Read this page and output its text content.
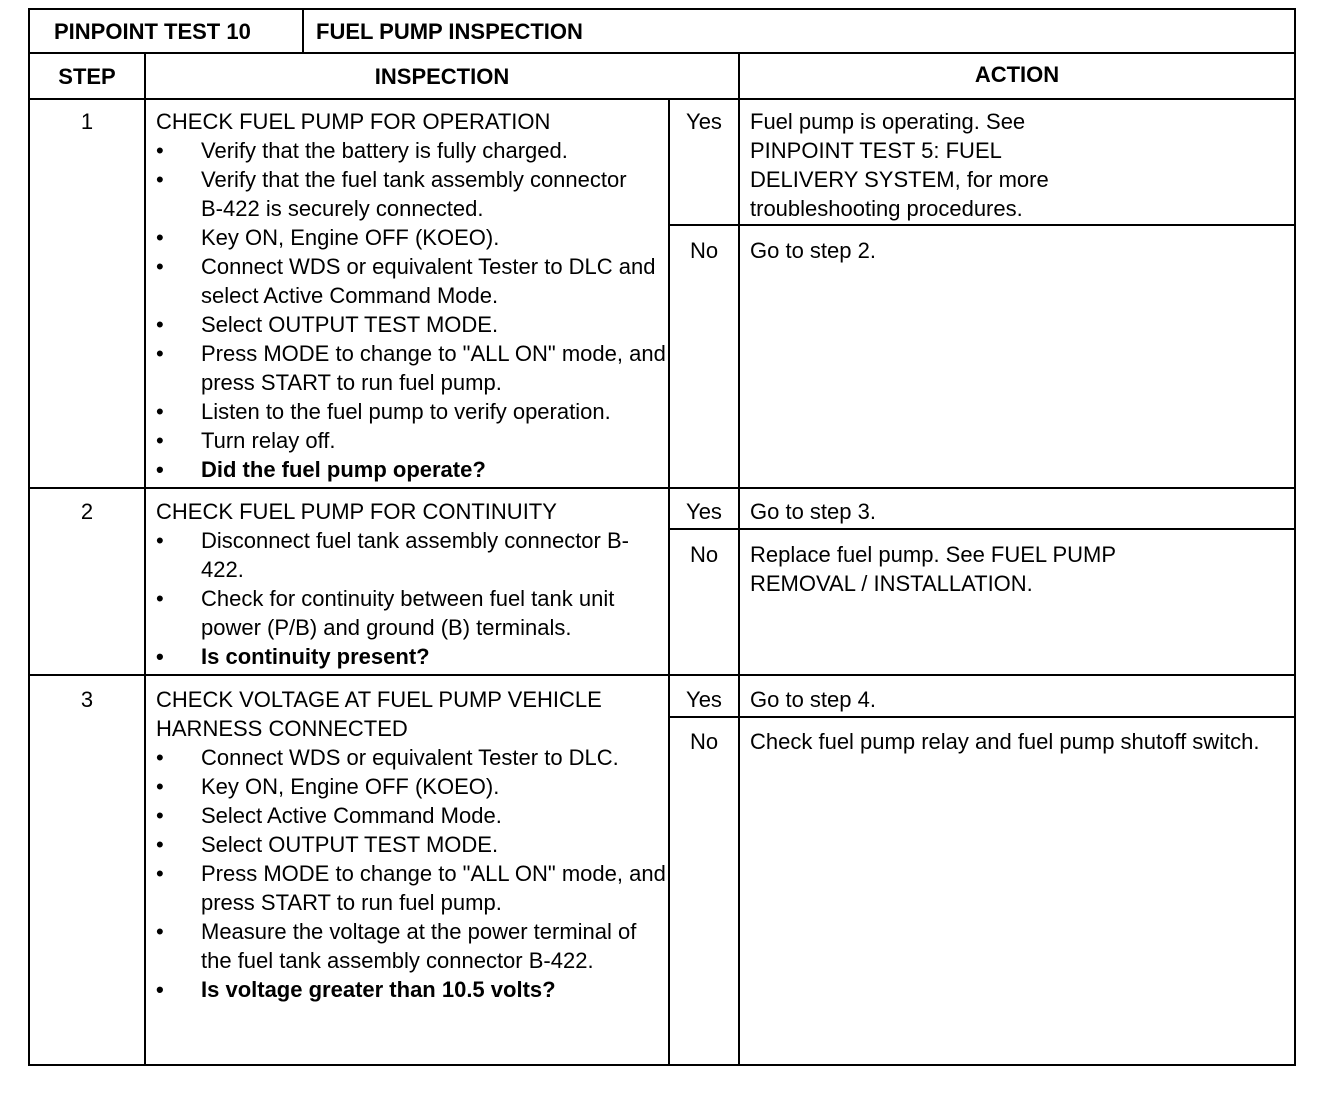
PINPOINT TEST 10	FUEL PUMP INSPECTION
STEP	INSPECTION	ACTION
1	CHECK FUEL PUMP FOR OPERATION
• Verify that the battery is fully charged.
• Verify that the fuel tank assembly connector B-422 is securely connected.
• Key ON, Engine OFF (KOEO).
• Connect WDS or equivalent Tester to DLC and select Active Command Mode.
• Select OUTPUT TEST MODE.
• Press MODE to change to "ALL ON" mode, and press START to run fuel pump.
• Listen to the fuel pump to verify operation.
• Turn relay off.
• Did the fuel pump operate?
Yes	Fuel pump is operating. See PINPOINT TEST 5: FUEL DELIVERY SYSTEM, for more troubleshooting procedures.
No	Go to step 2.
2	CHECK FUEL PUMP FOR CONTINUITY
• Disconnect fuel tank assembly connector B-422.
• Check for continuity between fuel tank unit power (P/B) and ground (B) terminals.
• Is continuity present?
Yes	Go to step 3.
No	Replace fuel pump. See FUEL PUMP REMOVAL / INSTALLATION.
3	CHECK VOLTAGE AT FUEL PUMP VEHICLE HARNESS CONNECTED
• Connect WDS or equivalent Tester to DLC.
• Key ON, Engine OFF (KOEO).
• Select Active Command Mode.
• Select OUTPUT TEST MODE.
• Press MODE to change to "ALL ON" mode, and press START to run fuel pump.
• Measure the voltage at the power terminal of the fuel tank assembly connector B-422.
• Is voltage greater than 10.5 volts?
Yes	Go to step 4.
No	Check fuel pump relay and fuel pump shutoff switch.
